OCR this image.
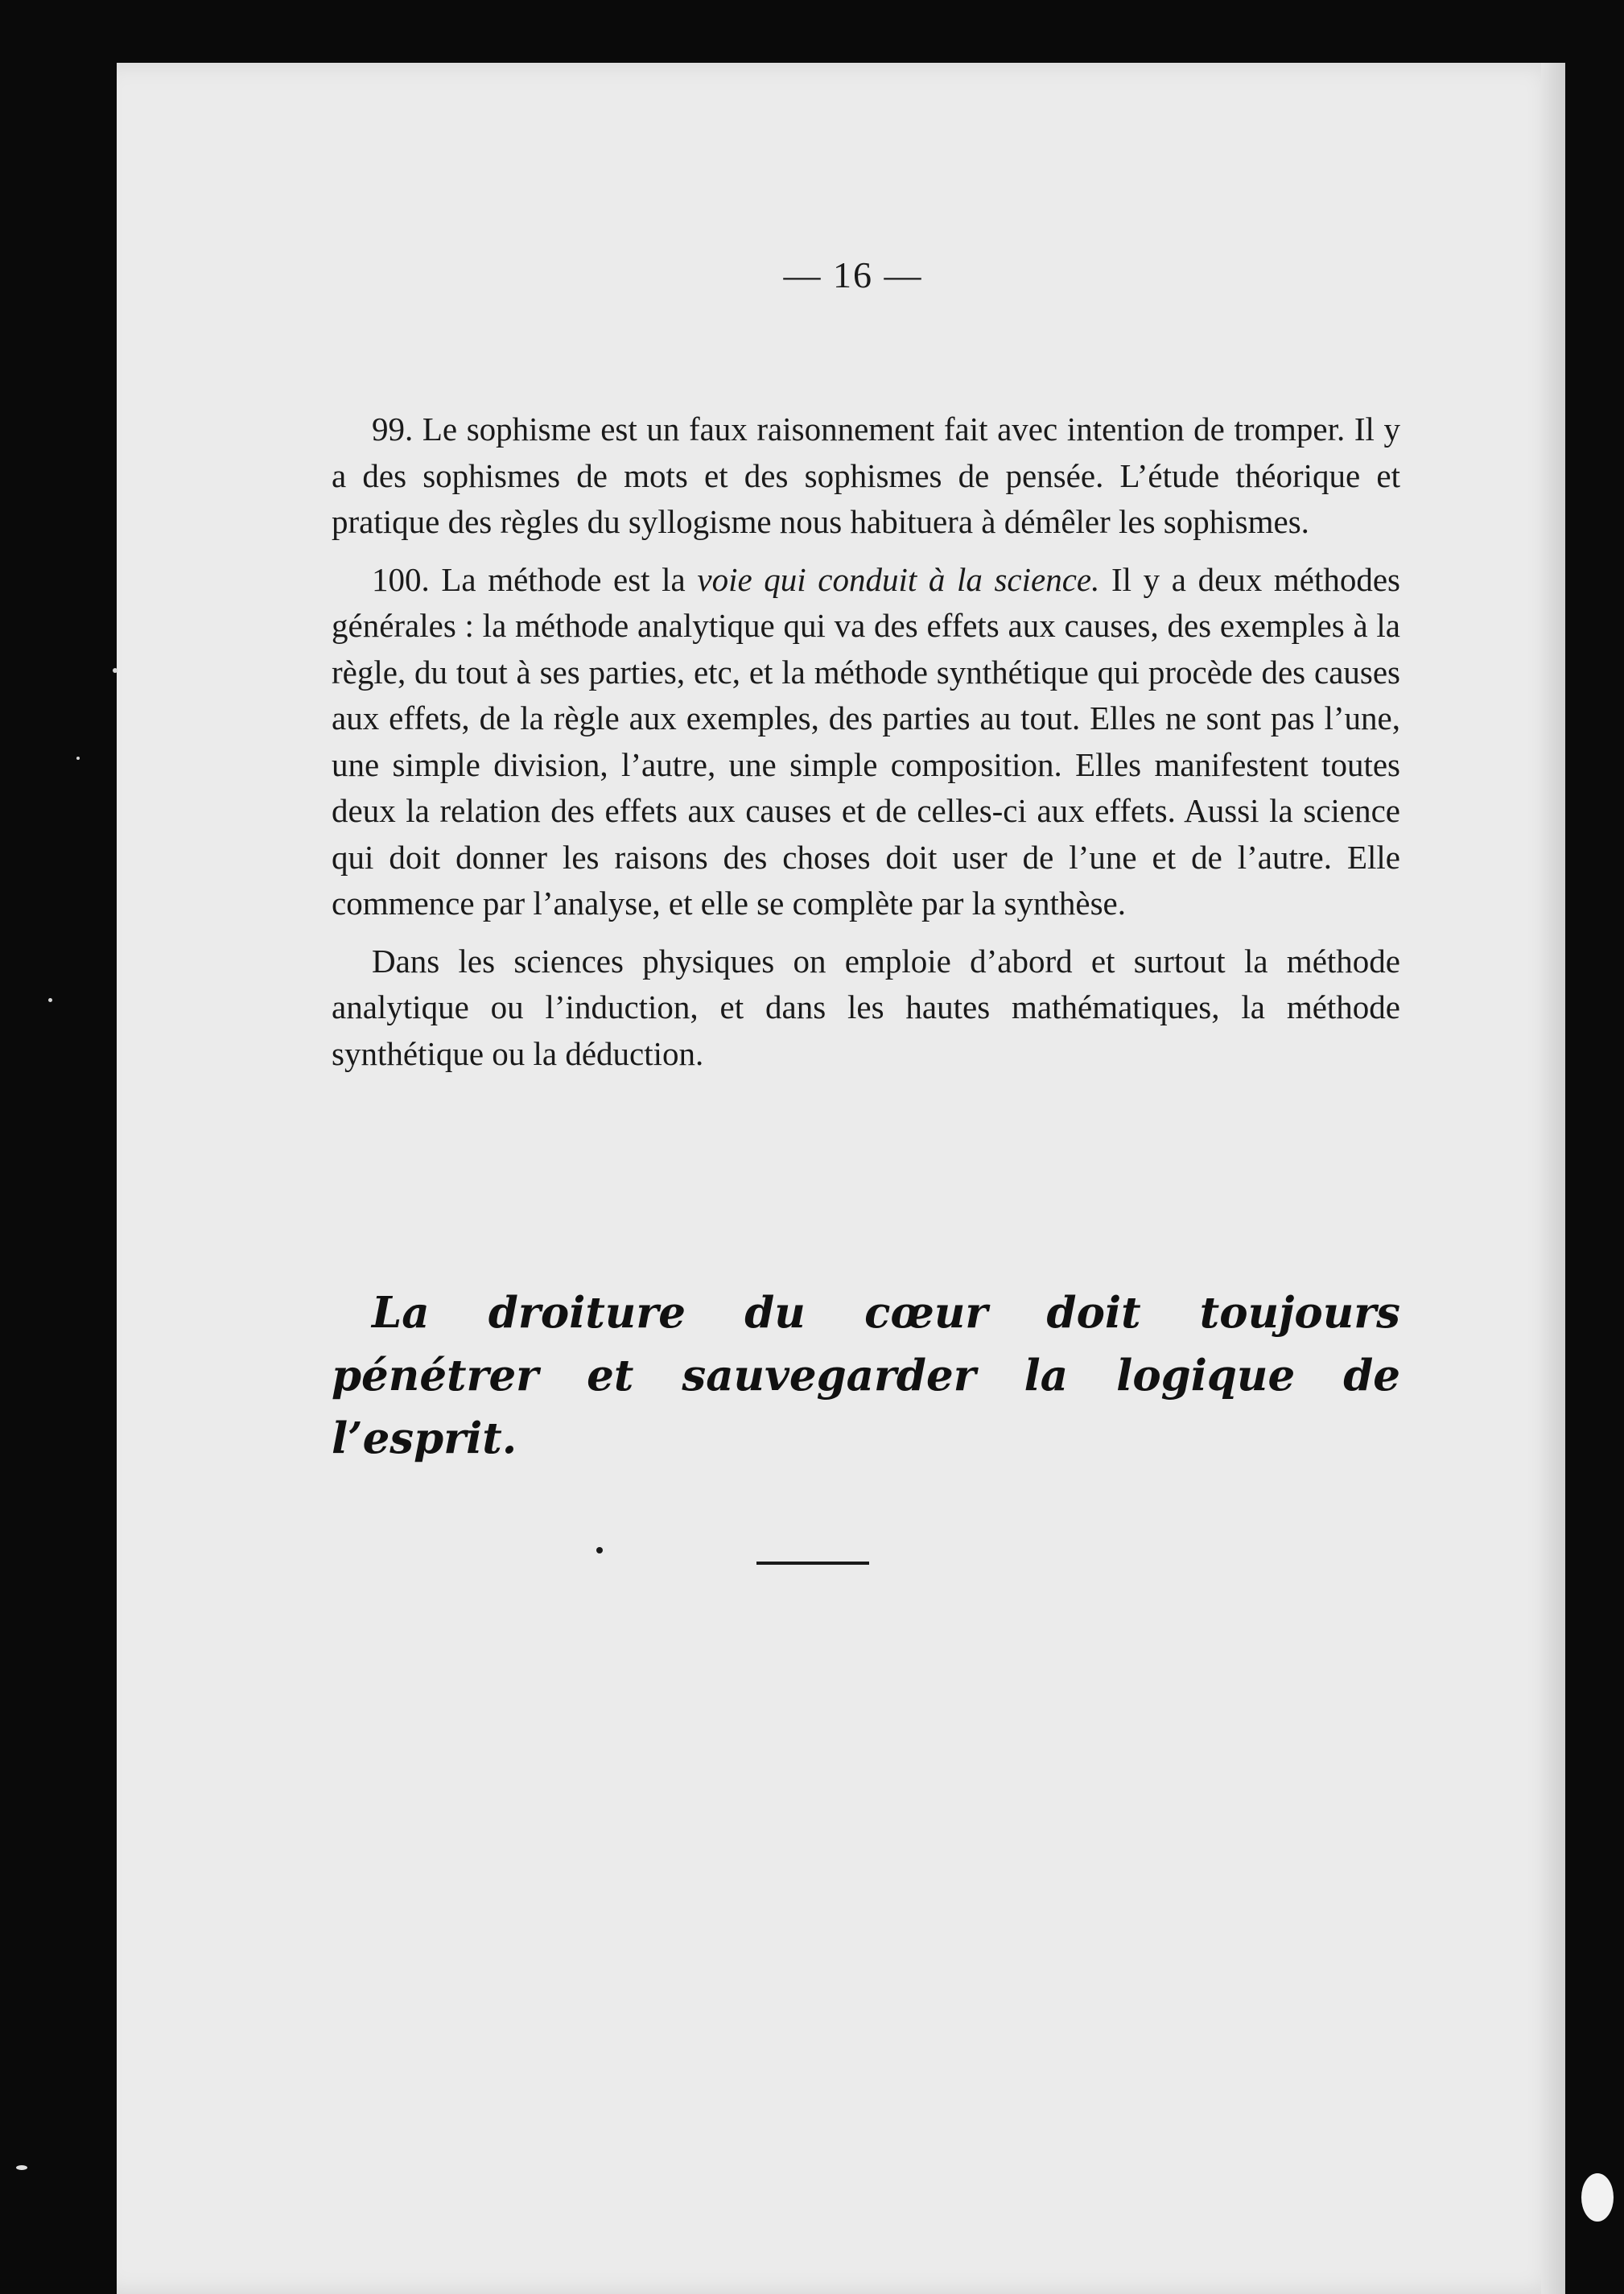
— 16 —

99. Le sophisme est un faux raisonnement fait avec intention de tromper. Il y a des sophismes de mots et des sophismes de pensée. L’étude théorique et pratique des règles du syllogisme nous habituera à démêler les sophismes.

100. La méthode est la voie qui conduit à la science. Il y a deux méthodes générales : la méthode analytique qui va des effets aux causes, des exemples à la règle, du tout à ses parties, etc, et la méthode synthétique qui procède des causes aux effets, de la règle aux exemples, des parties au tout. Elles ne sont pas l’une, une simple division, l’autre, une simple composition. Elles manifestent toutes deux la relation des effets aux causes et de celles-ci aux effets. Aussi la science qui doit donner les raisons des choses doit user de l’une et de l’autre. Elle commence par l’analyse, et elle se complète par la synthèse.

Dans les sciences physiques on emploie d’abord et surtout la méthode analytique ou l’induction, et dans les hautes mathématiques, la méthode synthétique ou la déduction.

La droiture du cœur doit toujours pénétrer et sauvegarder la logique de l’esprit.
